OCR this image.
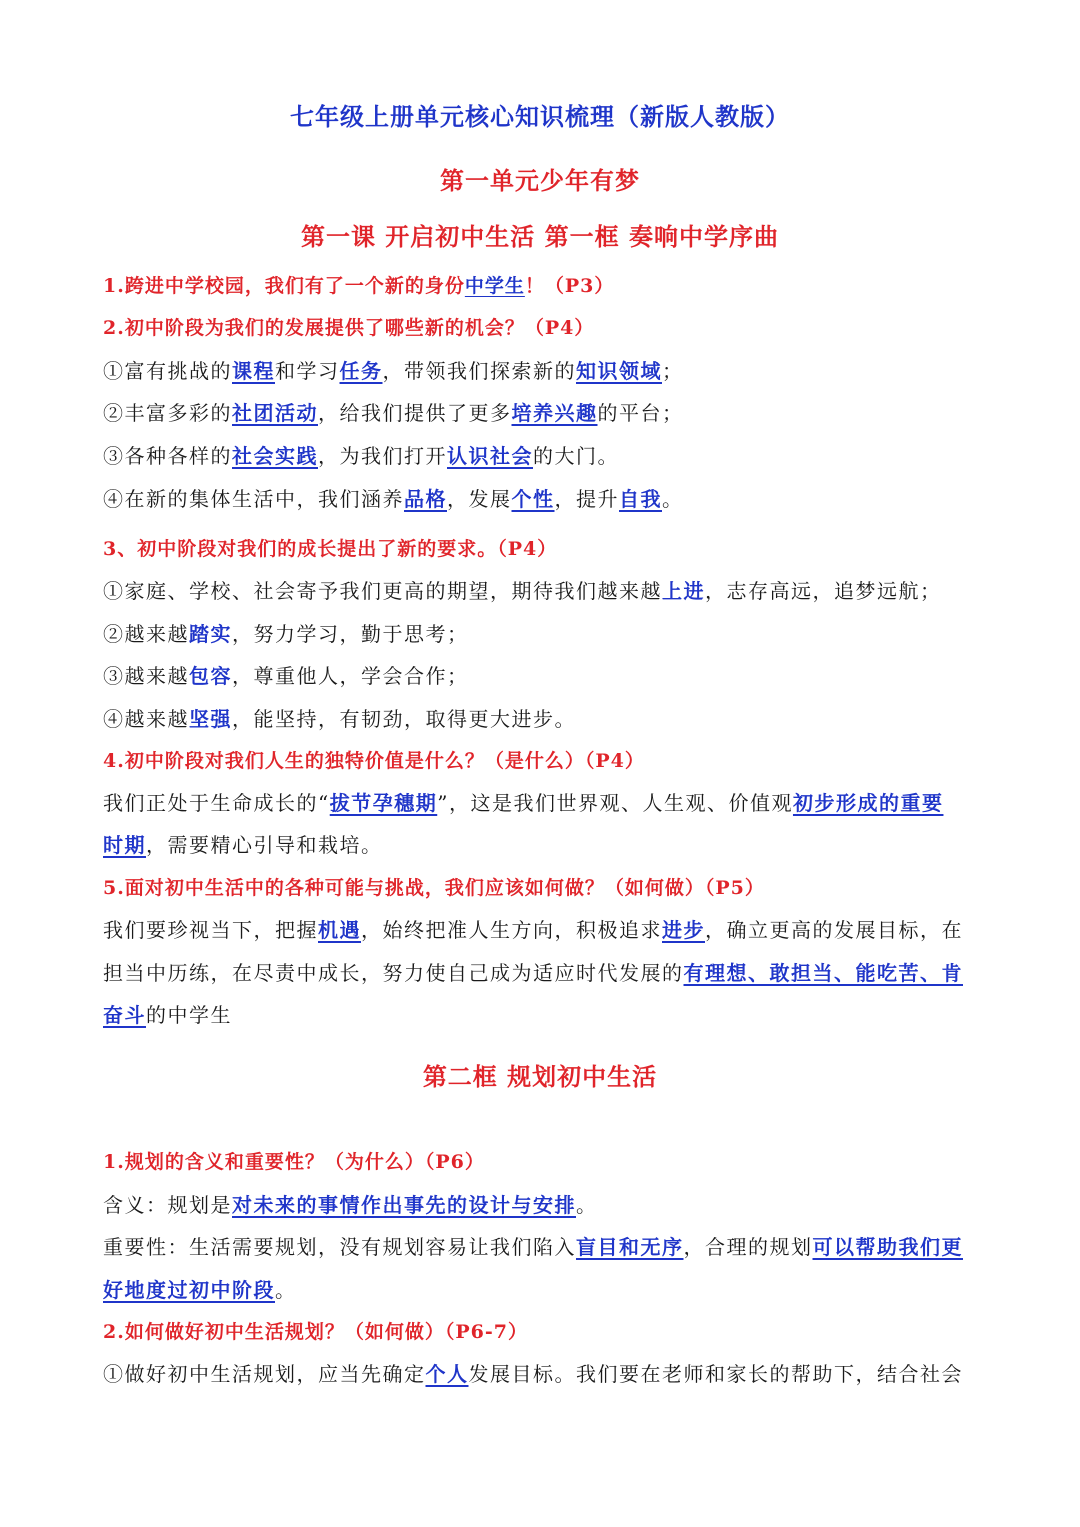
七年级上册单元核心知识梳理（新版人教版）
第一单元少年有梦
第一课 开启初中生活 第一框 奏响中学序曲
1.跨进中学校园，我们有了一个新的身份中学生！（P3）
2.初中阶段为我们的发展提供了哪些新的机会？（P4）
①富有挑战的课程和学习任务，带领我们探索新的知识领域；
②丰富多彩的社团活动，给我们提供了更多培养兴趣的平台；
③各种各样的社会实践，为我们打开认识社会的大门。
④在新的集体生活中，我们涵养品格，发展个性，提升自我。
3、初中阶段对我们的成长提出了新的要求。（P4）
①家庭、学校、社会寄予我们更高的期望，期待我们越来越上进，志存高远，追梦远航；
②越来越踏实，努力学习，勤于思考；
③越来越包容，尊重他人，学会合作；
④越来越坚强，能坚持，有韧劲，取得更大进步。
4.初中阶段对我们人生的独特价值是什么？（是什么）（P4）
我们正处于生命成长的“拔节孕穗期”，这是我们世界观、人生观、价值观初步形成的重要
时期，需要精心引导和栽培。
5.面对初中生活中的各种可能与挑战，我们应该如何做？（如何做）（P5）
我们要珍视当下，把握机遇，始终把准人生方向，积极追求进步，确立更高的发展目标，在
担当中历练，在尽责中成长，努力使自己成为适应时代发展的有理想、敢担当、能吃苦、肯
奋斗的中学生
第二框 规划初中生活
1.规划的含义和重要性？（为什么）（P6）
含义：规划是对未来的事情作出事先的设计与安排。
重要性：生活需要规划，没有规划容易让我们陷入盲目和无序，合理的规划可以帮助我们更
好地度过初中阶段。
2.如何做好初中生活规划？（如何做）（P6-7）
①做好初中生活规划，应当先确定个人发展目标。我们要在老师和家长的帮助下，结合社会
